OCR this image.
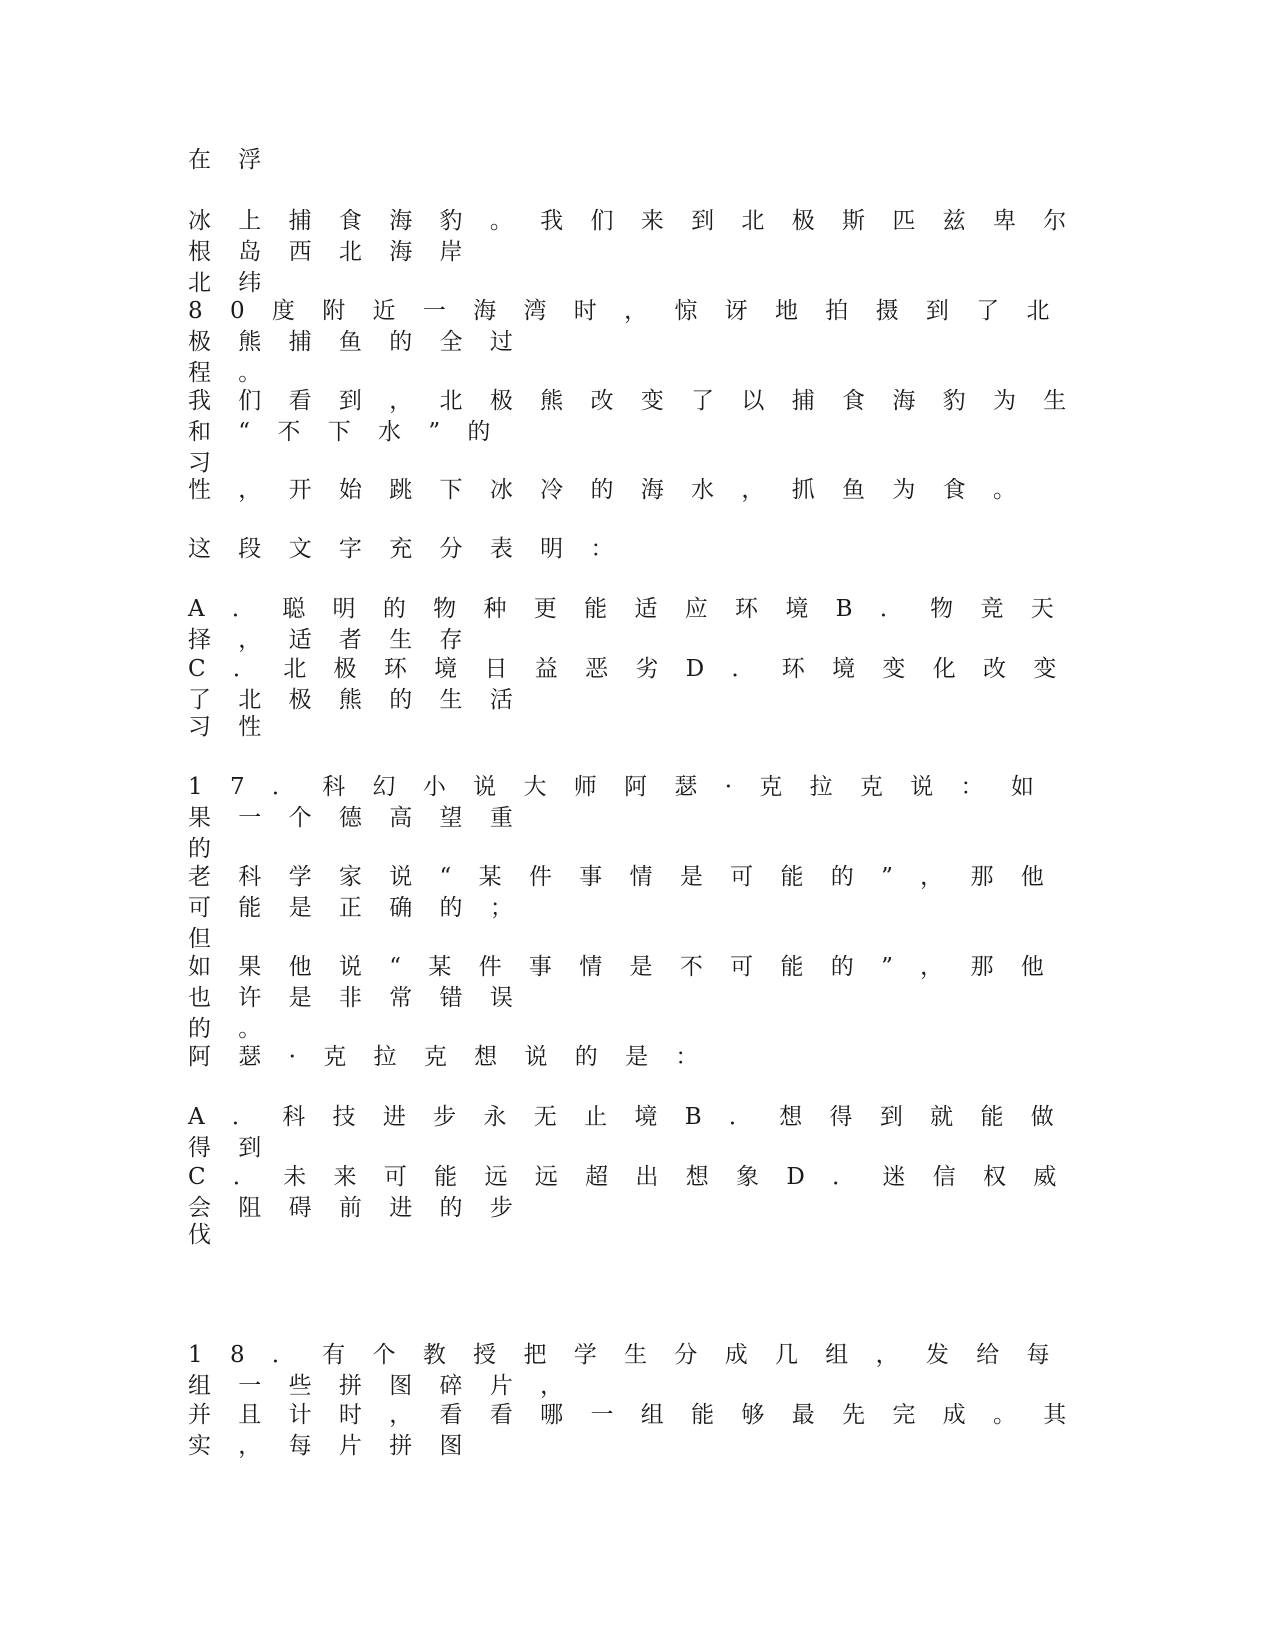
在 浮
冰 上 捕 食 海 豹 。 我 们 来 到 北 极 斯 匹 兹 卑 尔 根 岛 西 北 海 岸
北 纬
8 0 度 附 近 一 海 湾 时 ， 惊 讶 地 拍 摄 到 了 北 极 熊 捕 鱼 的 全 过
程 。
我 们 看 到 ， 北 极 熊 改 变 了 以 捕 食 海 豹 为 生 和 “ 不 下 水 ” 的
习
性 ， 开 始 跳 下 冰 冷 的 海 水 ， 抓 鱼 为 食 。
这 段 文 字 充 分 表 明 ：
A ． 聪 明 的 物 种 更 能 适 应 环 境 B ． 物 竞 天 择 ， 适 者 生 存
C ． 北 极 环 境 日 益 恶 劣 D ． 环 境 变 化 改 变 了 北 极 熊 的 生 活
习 性
1 7 ． 科 幻 小 说 大 师 阿 瑟 · 克 拉 克 说 ： 如 果 一 个 德 高 望 重
的
老 科 学 家 说 “ 某 件 事 情 是 可 能 的 ” ， 那 他 可 能 是 正 确 的 ；
但
如 果 他 说 “ 某 件 事 情 是 不 可 能 的 ” ， 那 他 也 许 是 非 常 错 误
的 。
阿 瑟 · 克 拉 克 想 说 的 是 ：
A ． 科 技 进 步 永 无 止 境 B ． 想 得 到 就 能 做 得 到
C ． 未 来 可 能 远 远 超 出 想 象 D ． 迷 信 权 威 会 阻 碍 前 进 的 步
伐
1 8 ． 有 个 教 授 把 学 生 分 成 几 组 ， 发 给 每 组 一 些 拼 图 碎 片 ，
并 且 计 时 ， 看 看 哪 一 组 能 够 最 先 完 成 。 其 实 ， 每 片 拼 图
